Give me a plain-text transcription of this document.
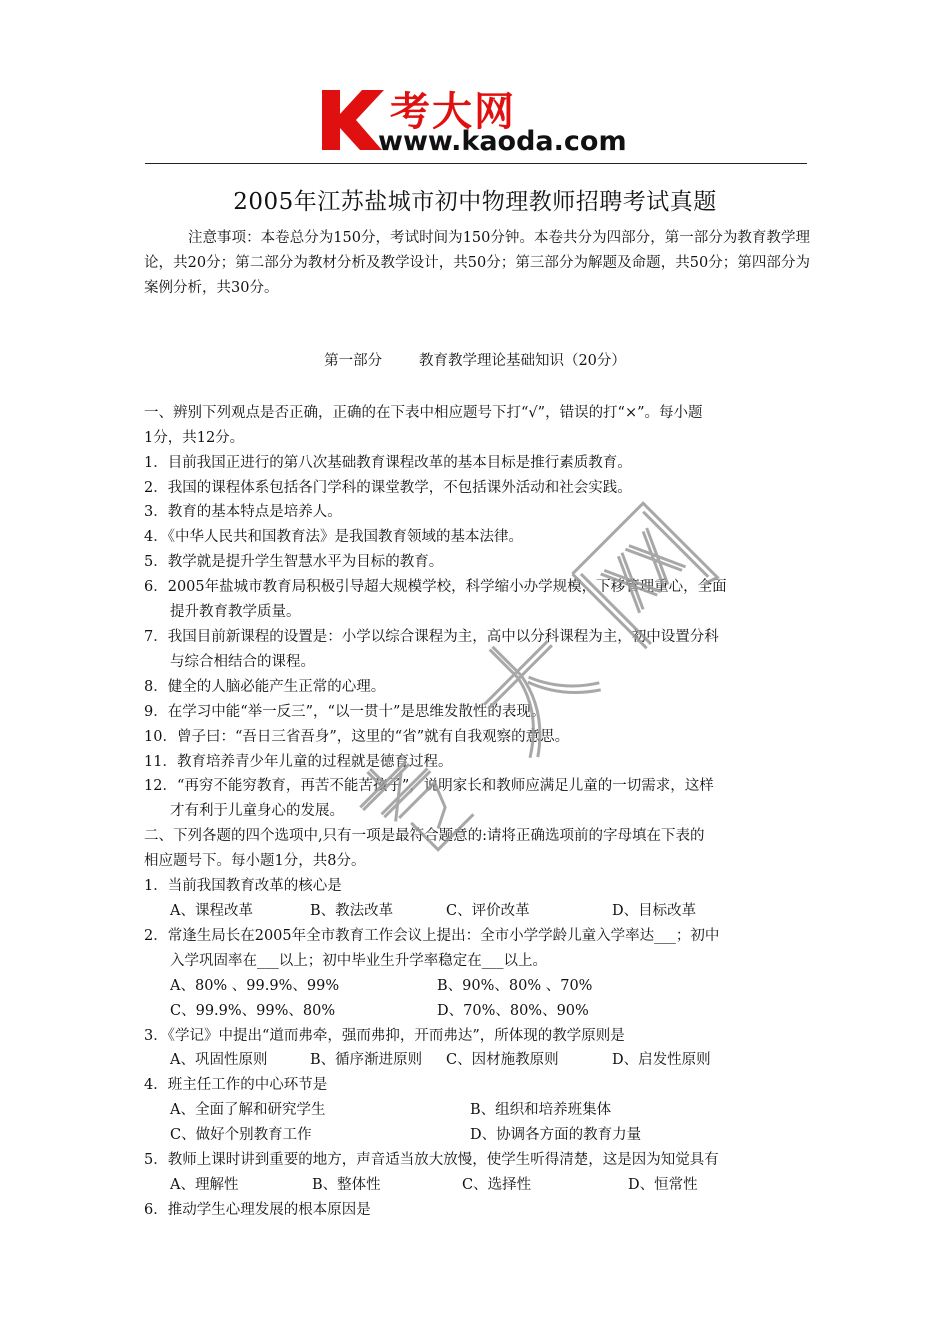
考大网
www.kaoda.com
2005年江苏盐城市初中物理教师招聘考试真题
注意事项：本卷总分为150分，考试时间为150分钟。本卷共分为四部分，第一部分为教育教学理论，共20分；第二部分为教材分析及教学设计，共50分；第三部分为解题及命题，共50分；第四部分为案例分析，共30分。
第一部分	教育教学理论基础知识（20分）
一、辨别下列观点是否正确，正确的在下表中相应题号下打“√”，错误的打“×”。每小题
1分，共12分。
1．目前我国正进行的第八次基础教育课程改革的基本目标是推行素质教育。
2．我国的课程体系包括各门学科的课堂教学，不包括课外活动和社会实践。
3．教育的基本特点是培养人。
4．《中华人民共和国教育法》是我国教育领域的基本法律。
5．教学就是提升学生智慧水平为目标的教育。
6．2005年盐城市教育局积极引导超大规模学校，科学缩小办学规模，下移管理重心，全面
提升教育教学质量。
7．我国目前新课程的设置是：小学以综合课程为主，高中以分科课程为主，初中设置分科
与综合相结合的课程。
8．健全的人脑必能产生正常的心理。
9．在学习中能“举一反三”，“以一贯十”是思维发散性的表现。
10．曾子曰：“吾日三省吾身”，这里的“省”就有自我观察的意思。
11．教育培养青少年儿童的过程就是德育过程。
12．“再穷不能穷教育，再苦不能苦孩子”，说明家长和教师应满足儿童的一切需求，这样
才有利于儿童身心的发展。
二、下列各题的四个选项中,只有一项是最符合题意的:请将正确选项前的字母填在下表的
相应题号下。每小题1分，共8分。
1．当前我国教育改革的核心是
A、课程改革	B、教法改革	C、评价改革	D、目标改革
2．常逢生局长在2005年全市教育工作会议上提出：全市小学学龄儿童入学率达___；初中
入学巩固率在___以上；初中毕业生升学率稳定在___以上。
A、80% 、99.9%、99%	B、90%、80% 、70%
C、99.9%、99%、80%	D、70%、80%、90%
3．《学记》中提出“道而弗牵，强而弗抑，开而弗达”，所体现的教学原则是
A、巩固性原则	B、循序渐进原则 C、因材施教原则	D、启发性原则
4．班主任工作的中心环节是
A、全面了解和研究学生	B、组织和培养班集体
C、做好个别教育工作	D、协调各方面的教育力量
5．教师上课时讲到重要的地方，声音适当放大放慢，使学生听得清楚，这是因为知觉具有
A、理解性	B、整体性	C、选择性	D、恒常性
6．推动学生心理发展的根本原因是
